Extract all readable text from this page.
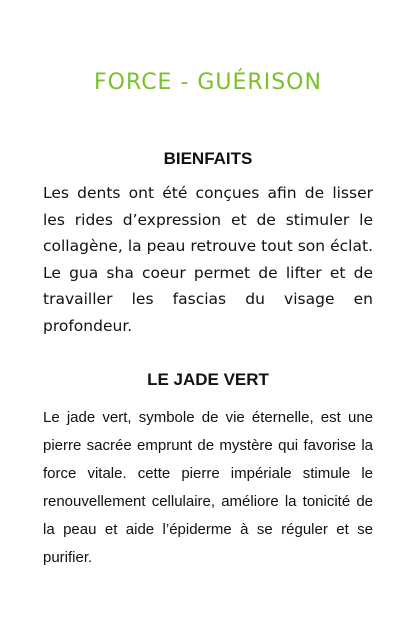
FORCE - GUÉRISON
BIENFAITS
Les dents ont été conçues afin de lisser les rides d’expression et de stimuler le collagène, la peau retrouve tout son éclat. Le gua sha coeur permet de lifter et de travailler les fascias du visage en profondeur.
LE JADE VERT
Le jade vert, symbole de vie éternelle, est une pierre sacrée emprunt de mystère qui favorise la force vitale. cette pierre impériale stimule le renouvellement cellulaire, améliore la tonicité de la peau et aide l’épiderme à se réguler et se purifier.
